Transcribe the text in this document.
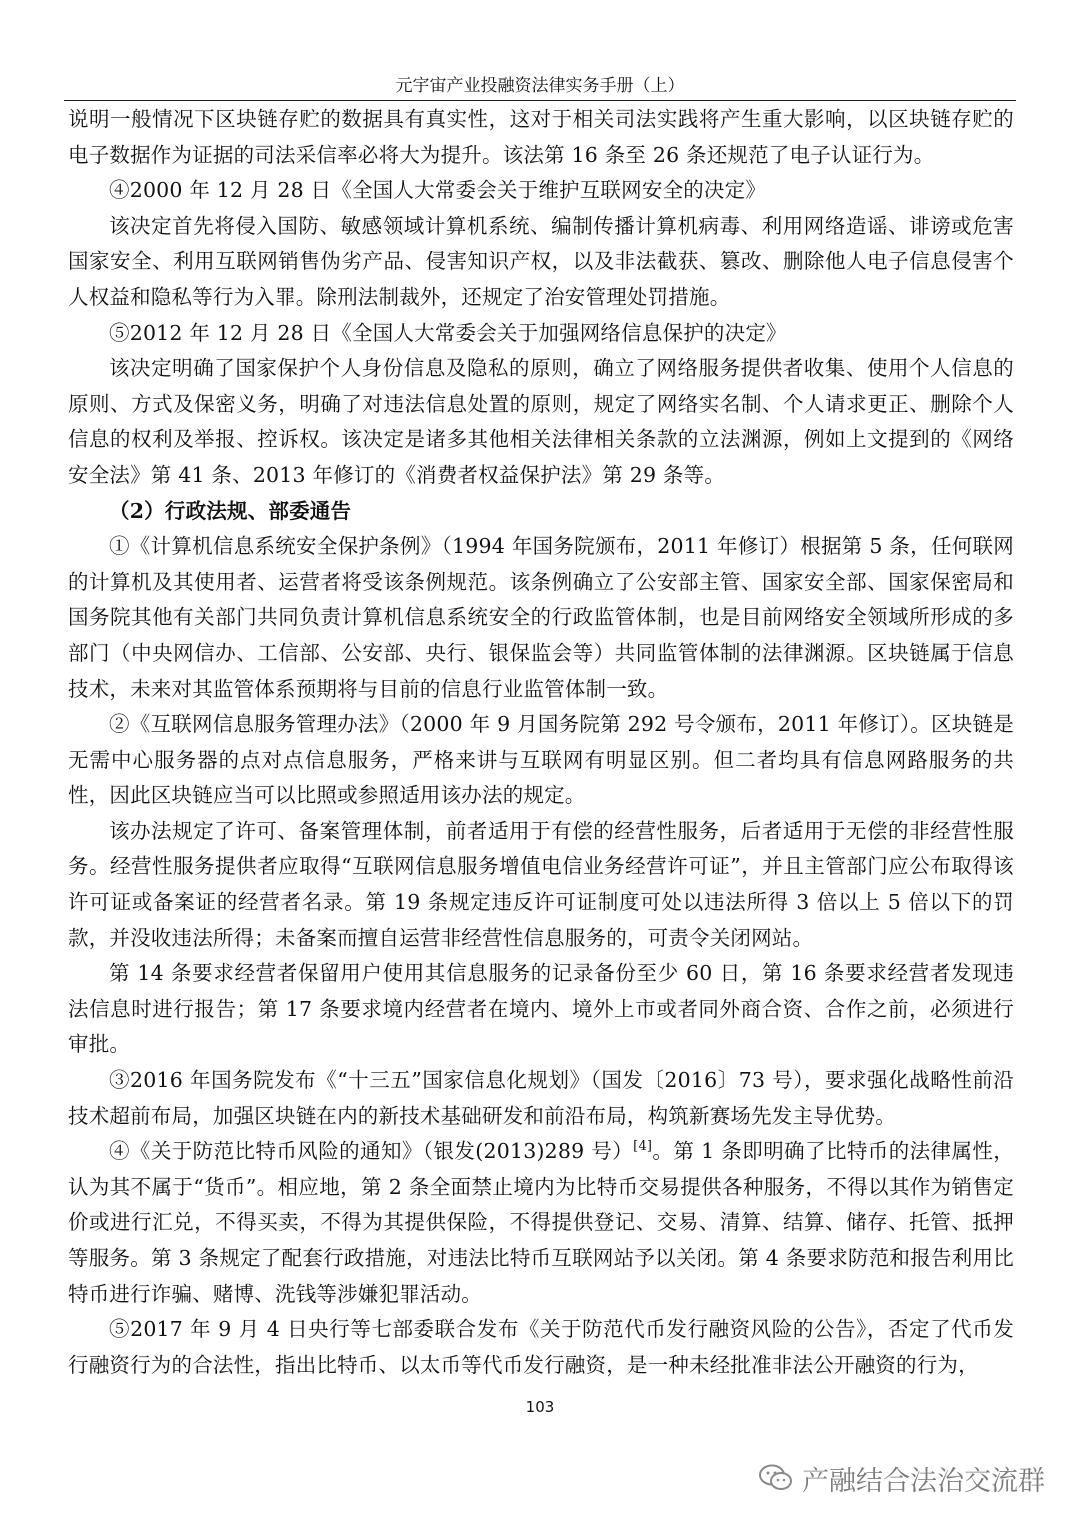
元宇宙产业投融资法律实务手册（上）

说明一般情况下区块链存贮的数据具有真实性，这对于相关司法实践将产生重大影响，以区块链存贮的电子数据作为证据的司法采信率必将大为提升。该法第 16 条至 26 条还规范了电子认证行为。

④2000 年 12 月 28 日《全国人大常委会关于维护互联网安全的决定》

该决定首先将侵入国防、敏感领域计算机系统、编制传播计算机病毒、利用网络造谣、诽谤或危害国家安全、利用互联网销售伪劣产品、侵害知识产权，以及非法截获、篡改、删除他人电子信息侵害个人权益和隐私等行为入罪。除刑法制裁外，还规定了治安管理处罚措施。

⑤2012 年 12 月 28 日《全国人大常委会关于加强网络信息保护的决定》

该决定明确了国家保护个人身份信息及隐私的原则，确立了网络服务提供者收集、使用个人信息的原则、方式及保密义务，明确了对违法信息处置的原则，规定了网络实名制、个人请求更正、删除个人信息的权利及举报、控诉权。该决定是诸多其他相关法律相关条款的立法渊源，例如上文提到的《网络安全法》第 41 条、2013 年修订的《消费者权益保护法》第 29 条等。

（2）行政法规、部委通告

①《计算机信息系统安全保护条例》（1994 年国务院颁布，2011 年修订）根据第 5 条，任何联网的计算机及其使用者、运营者将受该条例规范。该条例确立了公安部主管、国家安全部、国家保密局和国务院其他有关部门共同负责计算机信息系统安全的行政监管体制，也是目前网络安全领域所形成的多部门（中央网信办、工信部、公安部、央行、银保监会等）共同监管体制的法律渊源。区块链属于信息技术，未来对其监管体系预期将与目前的信息行业监管体制一致。

②《互联网信息服务管理办法》（2000 年 9 月国务院第 292 号令颁布，2011 年修订）。区块链是无需中心服务器的点对点信息服务，严格来讲与互联网有明显区别。但二者均具有信息网路服务的共性，因此区块链应当可以比照或参照适用该办法的规定。

该办法规定了许可、备案管理体制，前者适用于有偿的经营性服务，后者适用于无偿的非经营性服务。经营性服务提供者应取得“互联网信息服务增值电信业务经营许可证”，并且主管部门应公布取得该许可证或备案证的经营者名录。第 19 条规定违反许可证制度可处以违法所得 3 倍以上 5 倍以下的罚款，并没收违法所得；未备案而擅自运营非经营性信息服务的，可责令关闭网站。

第 14 条要求经营者保留用户使用其信息服务的记录备份至少 60 日，第 16 条要求经营者发现违法信息时进行报告；第 17 条要求境内经营者在境内、境外上市或者同外商合资、合作之前，必须进行审批。

③2016 年国务院发布《“十三五”国家信息化规划》（国发〔2016〕73 号），要求强化战略性前沿技术超前布局，加强区块链在内的新技术基础研发和前沿布局，构筑新赛场先发主导优势。

④《关于防范比特币风险的通知》（银发(2013)289 号）[4]。第 1 条即明确了比特币的法律属性，认为其不属于“货币”。相应地，第 2 条全面禁止境内为比特币交易提供各种服务，不得以其作为销售定价或进行汇兑，不得买卖，不得为其提供保险，不得提供登记、交易、清算、结算、储存、托管、抵押等服务。第 3 条规定了配套行政措施，对违法比特币互联网站予以关闭。第 4 条要求防范和报告利用比特币进行诈骗、赌博、洗钱等涉嫌犯罪活动。

⑤2017 年 9 月 4 日央行等七部委联合发布《关于防范代币发行融资风险的公告》，否定了代币发行融资行为的合法性，指出比特币、以太币等代币发行融资，是一种未经批准非法公开融资的行为，

103
产融结合法治交流群
